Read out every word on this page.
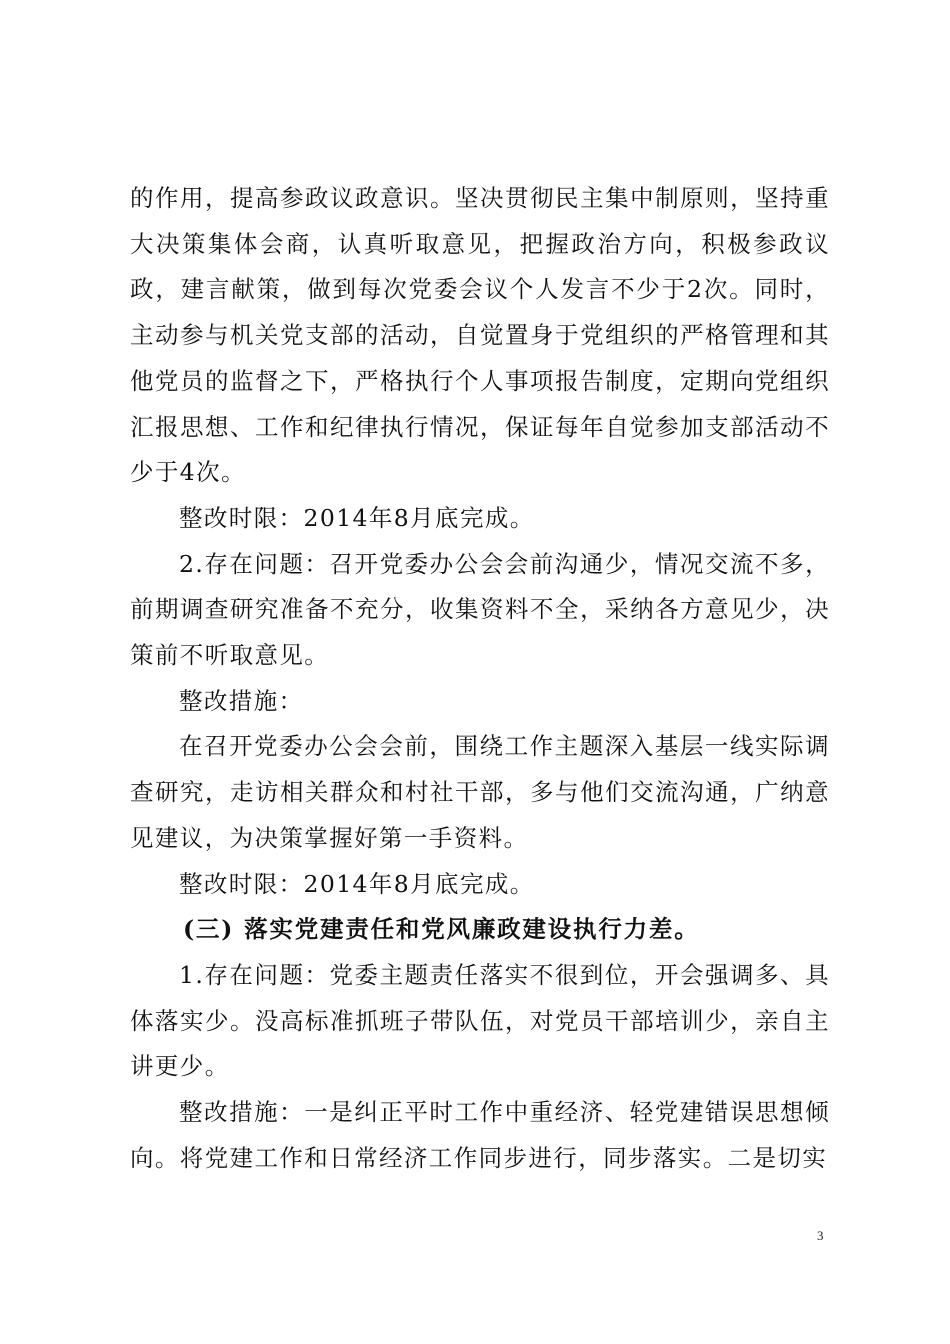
的作用，提高参政议政意识。坚决贯彻民主集中制原则，坚持重大决策集体会商，认真听取意见，把握政治方向，积极参政议政，建言献策，做到每次党委会议个人发言不少于2次。同时，主动参与机关党支部的活动，自觉置身于党组织的严格管理和其他党员的监督之下，严格执行个人事项报告制度，定期向党组织汇报思想、工作和纪律执行情况，保证每年自觉参加支部活动不少于4次。

整改时限：2014年8月底完成。

2.存在问题：召开党委办公会会前沟通少，情况交流不多，前期调查研究准备不充分，收集资料不全，采纳各方意见少，决策前不听取意见。

整改措施：

在召开党委办公会会前，围绕工作主题深入基层一线实际调查研究，走访相关群众和村社干部，多与他们交流沟通，广纳意见建议，为决策掌握好第一手资料。

整改时限：2014年8月底完成。

(三) 落实党建责任和党风廉政建设执行力差。

1.存在问题：党委主题责任落实不很到位，开会强调多、具体落实少。没高标准抓班子带队伍，对党员干部培训少，亲自主讲更少。

整改措施：一是纠正平时工作中重经济、轻党建错误思想倾向。将党建工作和日常经济工作同步进行，同步落实。二是切实

3
